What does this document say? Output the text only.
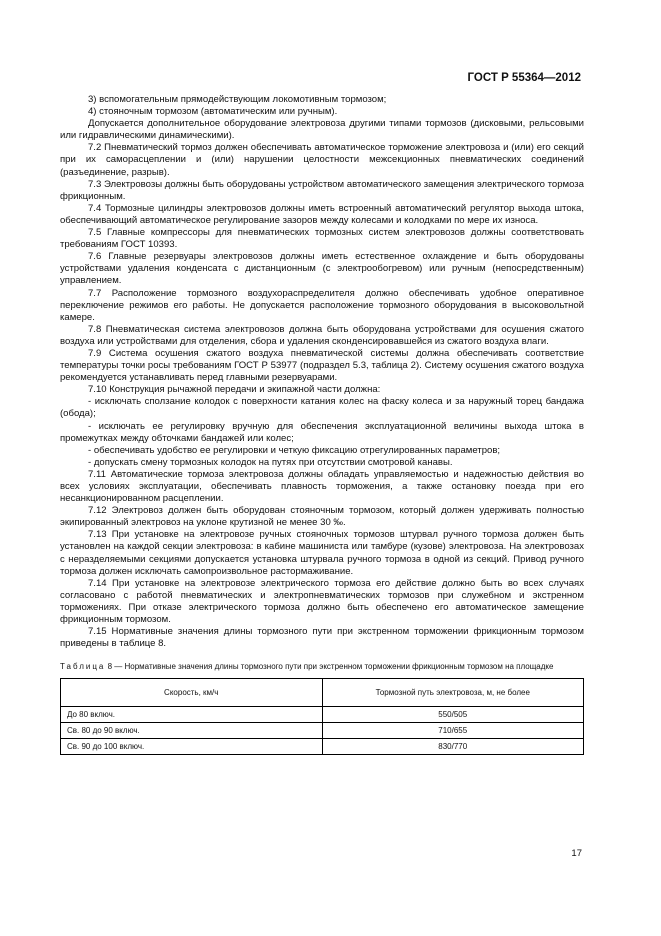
ГОСТ Р 55364—2012

3) вспомогательным прямодействующим локомотивным тормозом;

4) стояночным тормозом (автоматическим или ручным).

Допускается дополнительное оборудование электровоза другими типами тормозов (дисковыми, рельсовыми или гидравлическими динамическими).

7.2 Пневматический тормоз должен обеспечивать автоматическое торможение электровоза и (или) его секций при их саморасцеплении и (или) нарушении целостности межсекционных пневматических соединений (разъединение, разрыв).

7.3 Электровозы должны быть оборудованы устройством автоматического замещения электрического тормоза фрикционным.

7.4 Тормозные цилиндры электровозов должны иметь встроенный автоматический регулятор выхода штока, обеспечивающий автоматическое регулирование зазоров между колесами и колодками по мере их износа.

7.5 Главные компрессоры для пневматических тормозных систем электровозов должны соответствовать требованиям ГОСТ 10393.

7.6 Главные резервуары электровозов должны иметь естественное охлаждение и быть оборудованы устройствами удаления конденсата с дистанционным (с электрообогревом) или ручным (непосредственным) управлением.

7.7 Расположение тормозного воздухораспределителя должно обеспечивать удобное оперативное переключение режимов его работы. Не допускается расположение тормозного оборудования в высоковольтной камере.

7.8 Пневматическая система электровозов должна быть оборудована устройствами для осушения сжатого воздуха или устройствами для отделения, сбора и удаления сконденсировавшейся из сжатого воздуха влаги.

7.9 Система осушения сжатого воздуха пневматической системы должна обеспечивать соответствие температуры точки росы требованиям ГОСТ Р 53977 (подраздел 5.3, таблица 2). Систему осушения сжатого воздуха рекомендуется устанавливать перед главными резервуарами.

7.10 Конструкция рычажной передачи и экипажной части должна:

- исключать сползание колодок с поверхности катания колес на фаску колеса и за наружный торец бандажа (обода);

- исключать ее регулировку вручную для обеспечения эксплуатационной величины выхода штока в промежутках между обточками бандажей или колес;

- обеспечивать удобство ее регулировки и четкую фиксацию отрегулированных параметров;

- допускать смену тормозных колодок на путях при отсутствии смотровой канавы.

7.11 Автоматические тормоза электровоза должны обладать управляемостью и надежностью действия во всех условиях эксплуатации, обеспечивать плавность торможения, а также остановку поезда при его несанкционированном расцеплении.

7.12 Электровоз должен быть оборудован стояночным тормозом, который должен удерживать полностью экипированный электровоз на уклоне крутизной не менее 30 ‰.

7.13 При установке на электровозе ручных стояночных тормозов штурвал ручного тормоза должен быть установлен на каждой секции электровоза: в кабине машиниста или тамбуре (кузове) электровоза. На электровозах с неразделяемыми секциями допускается установка штурвала ручного тормоза в одной из секций. Привод ручного тормоза должен исключать самопроизвольное растормаживание.

7.14 При установке на электровозе электрического тормоза его действие должно быть во всех случаях согласовано с работой пневматических и электропневматических тормозов при служебном и экстренном торможениях. При отказе электрического тормоза должно быть обеспечено его автоматическое замещение фрикционным тормозом.

7.15 Нормативные значения длины тормозного пути при экстренном торможении фрикционным тормозом приведены в таблице 8.

Таблица 8 — Нормативные значения длины тормозного пути при экстренном торможении фрикционным тормозом на площадке

Скорость, км/ч	Тормозной путь электровоза, м, не более
До 80 включ.	550/505
Св. 80 до 90 включ.	710/655
Св. 90 до 100 включ.	830/770
17
